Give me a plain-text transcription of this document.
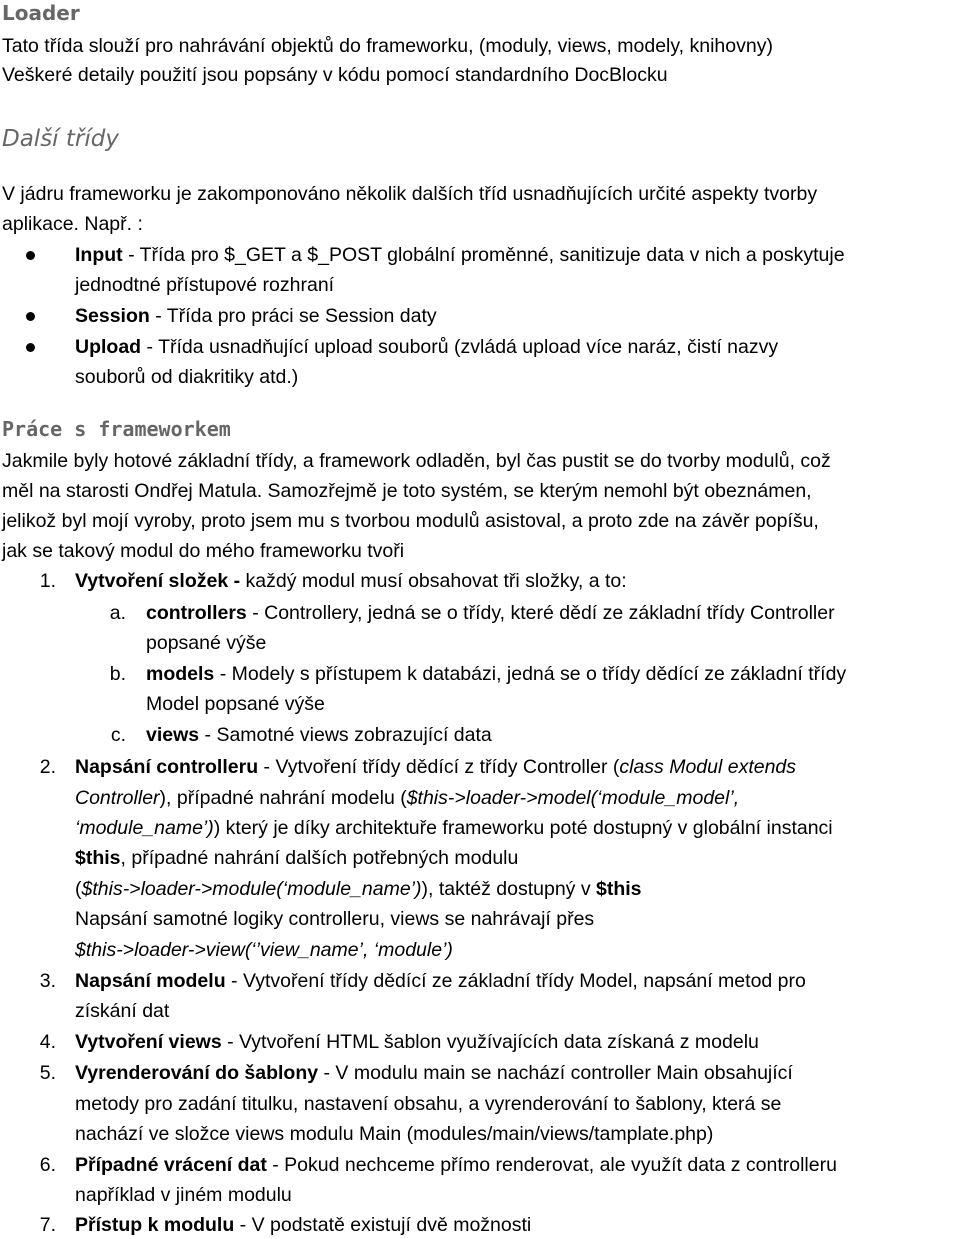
Loader
Tato třída slouží pro nahrávání objektů do frameworku, (moduly, views, modely, knihovny)
Veškeré detaily použití jsou popsány v kódu pomocí standardního DocBlocku
Další třídy
V jádru frameworku je zakomponováno několik dalších tříd usnadňujících určité aspekty tvorby
aplikace. Např. :
Input - Třída pro $_GET a $_POST globální proměnné, sanitizuje data v nich a poskytuje
jednodtné přístupové rozhraní
Session - Třída pro práci se Session daty
Upload - Třída usnadňující upload souborů (zvládá upload více naráz, čistí nazvy
souborů od diakritiky atd.)
Práce s frameworkem
Jakmile byly hotové základní třídy, a framework odladěn, byl čas pustit se do tvorby modulů, což
měl na starosti Ondřej Matula. Samozřejmě je toto systém, se kterým nemohl být obeznámen,
jelikož byl mojí vyroby, proto jsem mu s tvorbou modulů asistoval, a proto zde na závěr popíšu,
jak se takový modul do mého frameworku tvoři
1. Vytvoření složek - každý modul musí obsahovat tři složky, a to:
a. controllers - Controllery, jedná se o třídy, které dědí ze základní třídy Controller
popsané výše
b. models - Modely s přístupem k databázi, jedná se o třídy dědící ze základní třídy
Model popsané výše
c. views - Samotné views zobrazující data
2. Napsání controlleru - Vytvoření třídy dědící z třídy Controller (class Modul extends
Controller), případné nahrání modelu ($this->loader->model(‘module_model’,
‘module_name’)) který je díky architektuře frameworku poté dostupný v globální instanci
$this, případné nahrání dalších potřebných modulu
($this->loader->module(‘module_name’)), taktéž dostupný v $this
Napsání samotné logiky controlleru, views se nahrávají přes
$this->loader->view(‘’view_name’, ‘module’)
3. Napsání modelu - Vytvoření třídy dědící ze základní třídy Model, napsání metod pro
získání dat
4. Vytvoření views - Vytvoření HTML šablon využívajících data získaná z modelu
5. Vyrenderování do šablony - V modulu main se nachází controller Main obsahující
metody pro zadání titulku, nastavení obsahu, a vyrenderování to šablony, která se
nachází ve složce views modulu Main (modules/main/views/tamplate.php)
6. Případné vrácení dat - Pokud nechceme přímo renderovat, ale využít data z controlleru
například v jiném modulu
7. Přístup k modulu - V podstatě existují dvě možnosti
